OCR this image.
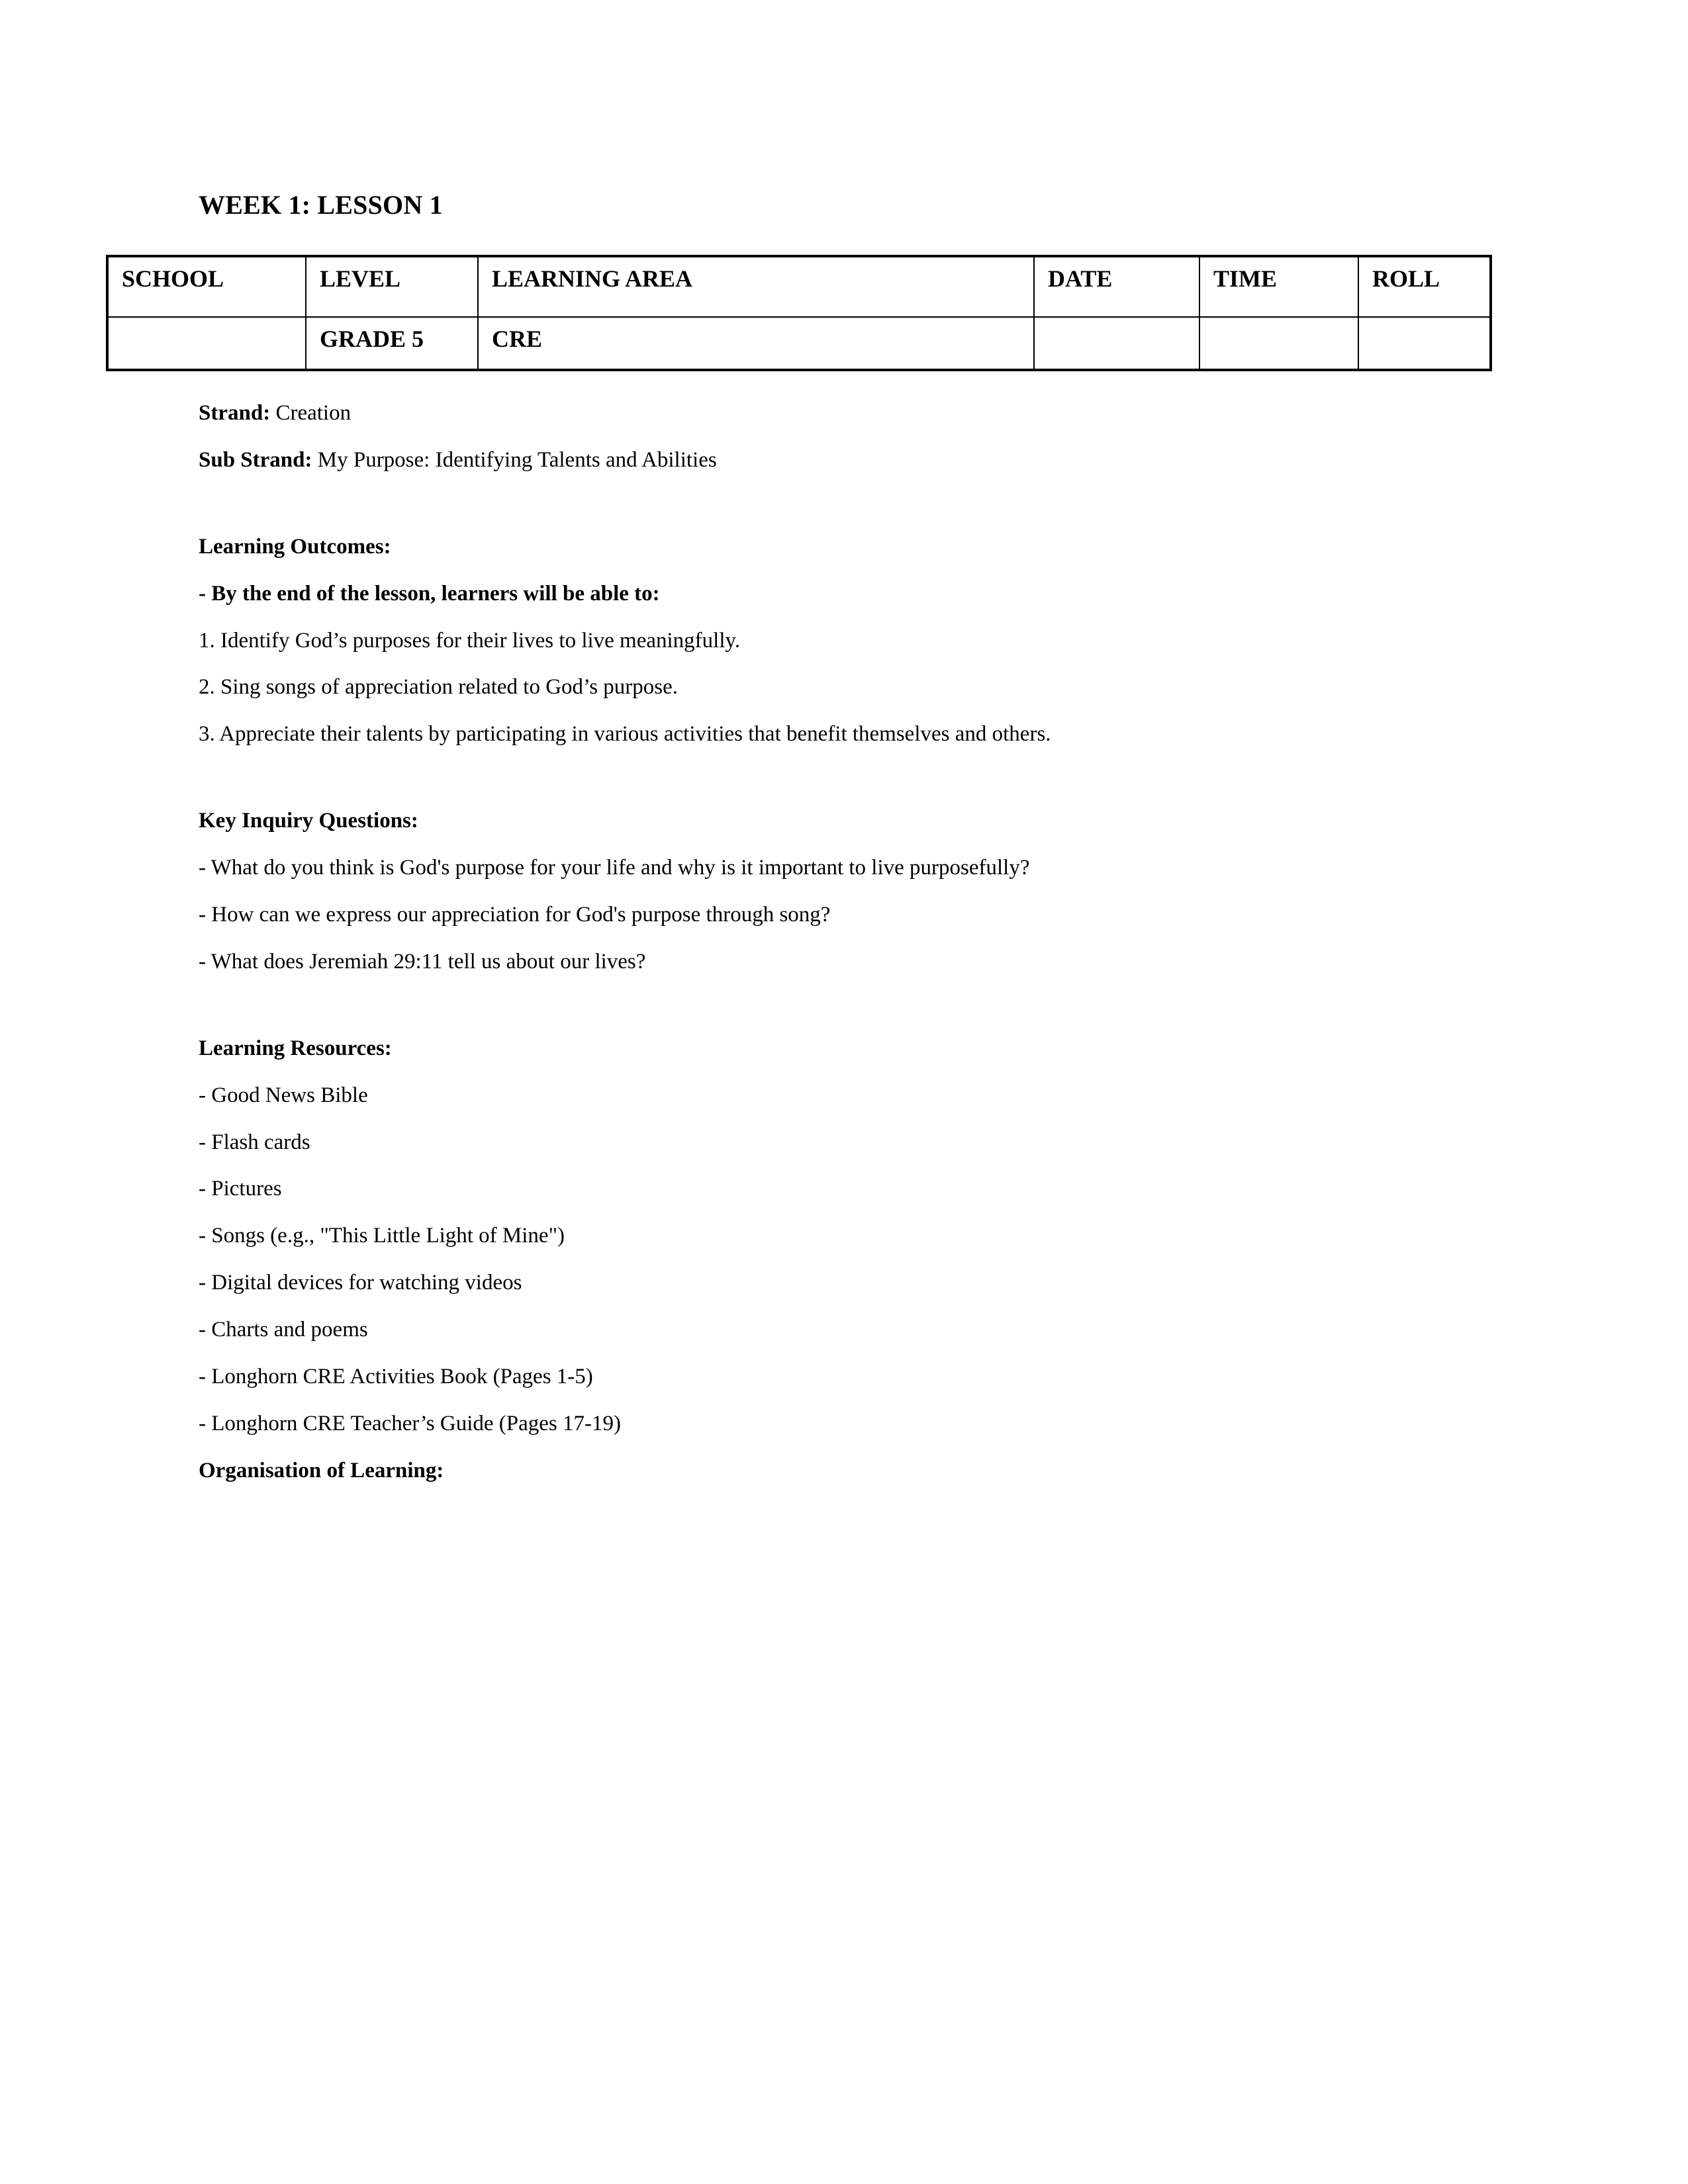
WEEK 1: LESSON 1
SCHOOL	LEVEL	LEARNING AREA	DATE	TIME	ROLL
	GRADE 5	CRE			

Strand: Creation

Sub Strand: My Purpose: Identifying Talents and Abilities

Learning Outcomes:

- By the end of the lesson, learners will be able to:

1. Identify God’s purposes for their lives to live meaningfully.

2. Sing songs of appreciation related to God’s purpose.

3. Appreciate their talents by participating in various activities that benefit themselves and others.

Key Inquiry Questions:

- What do you think is God's purpose for your life and why is it important to live purposefully?

- How can we express our appreciation for God's purpose through song?

- What does Jeremiah 29:11 tell us about our lives?

Learning Resources:

- Good News Bible

- Flash cards

- Pictures

- Songs (e.g., "This Little Light of Mine")

- Digital devices for watching videos

- Charts and poems

- Longhorn CRE Activities Book (Pages 1-5)

- Longhorn CRE Teacher’s Guide (Pages 17-19)

Organisation of Learning:
